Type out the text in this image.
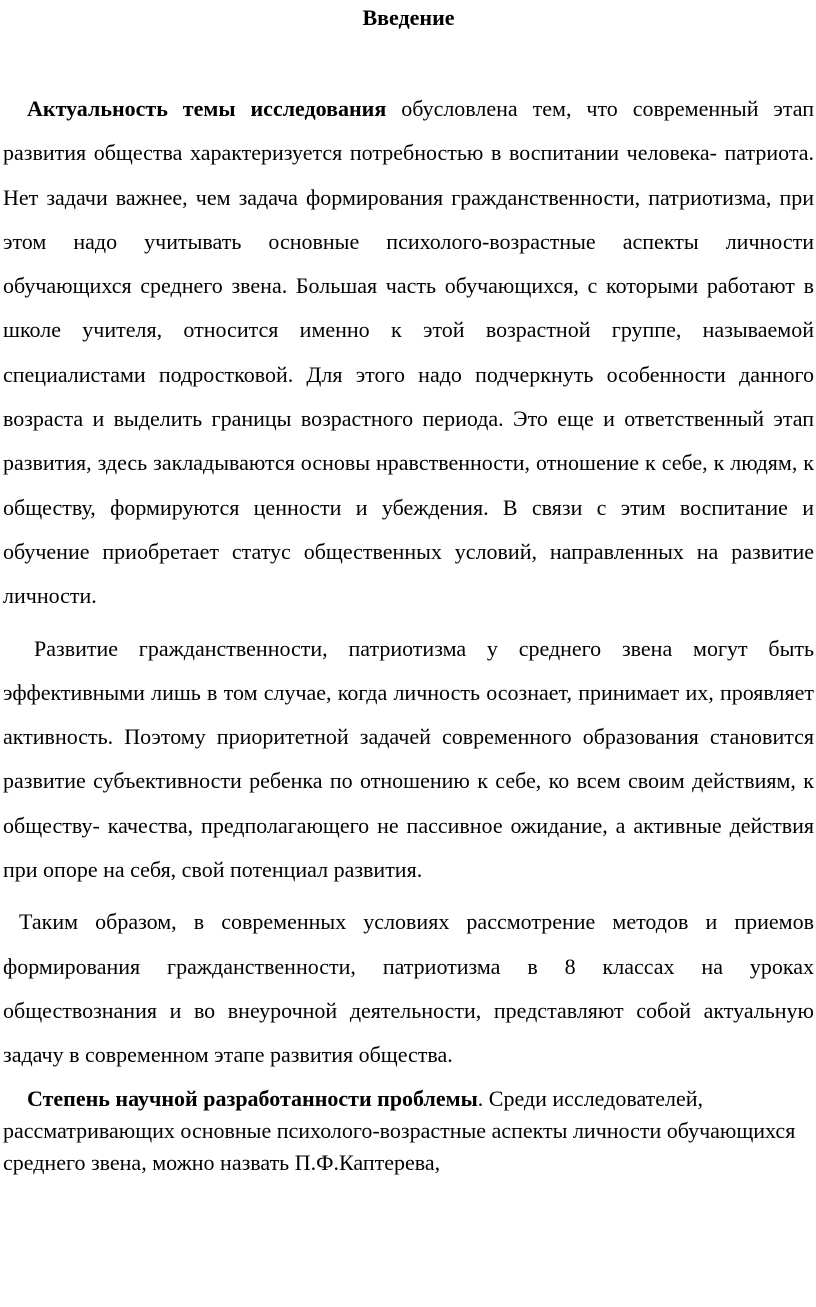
Введение

Актуальность темы исследования обусловлена тем, что современный этап развития общества характеризуется потребностью в воспитании человека- патриота. Нет задачи важнее, чем задача формирования гражданственности, патриотизма, при этом надо учитывать основные психолого-возрастные аспекты личности обучающихся среднего звена. Большая часть обучающихся, с которыми работают в школе учителя, относится именно к этой возрастной группе, называемой специалистами подростковой. Для этого надо подчеркнуть особенности данного возраста и выделить границы возрастного периода. Это еще и ответственный этап развития, здесь закладываются основы нравственности, отношение к себе, к людям, к обществу, формируются ценности и убеждения. В связи с этим воспитание и обучение приобретает статус общественных условий, направленных на развитие личности.

Развитие гражданственности, патриотизма у среднего звена могут быть эффективными лишь в том случае, когда личность осознает, принимает их, проявляет активность. Поэтому приоритетной задачей современного образования становится развитие субъективности ребенка по отношению к себе, ко всем своим действиям, к обществу- качества, предполагающего не пассивное ожидание, а активные действия при опоре на себя, свой потенциал развития.

Таким образом, в современных условиях рассмотрение методов и приемов формирования гражданственности, патриотизма в 8 классах на уроках обществознания и во внеурочной деятельности, представляют собой актуальную задачу в современном этапе развития общества.

Степень научной разработанности проблемы. Среди исследователей, рассматривающих основные психолого-возрастные аспекты личности обучающихся среднего звена, можно назвать П.Ф.Каптерева,
